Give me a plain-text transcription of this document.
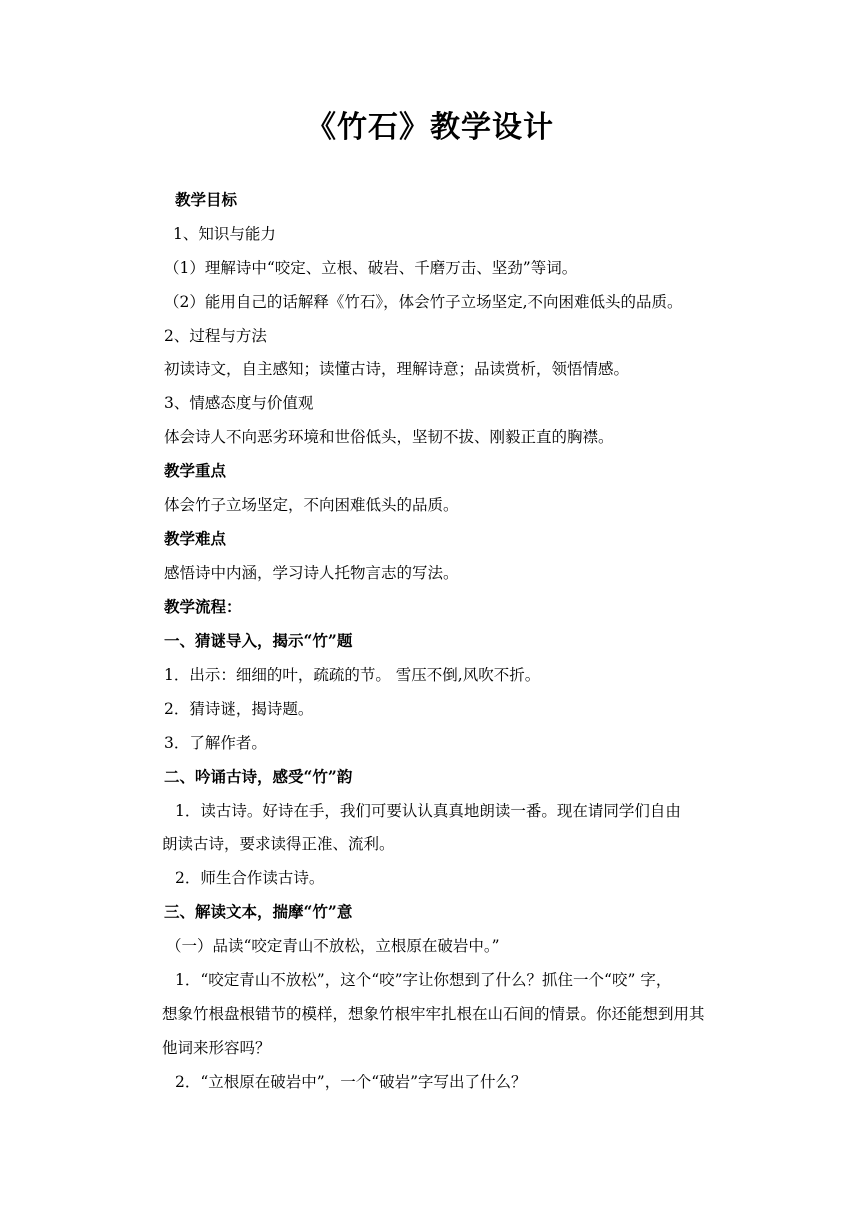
《竹石》教学设计
教学目标
1、知识与能力
（1）理解诗中“咬定、立根、破岩、千磨万击、坚劲”等词。
（2）能用自己的话解释《竹石》，体会竹子立场坚定,不向困难低头的品质。
2、过程与方法
初读诗文，自主感知；读懂古诗，理解诗意；品读赏析，领悟情感。
3、情感态度与价值观
体会诗人不向恶劣环境和世俗低头，坚韧不拔、刚毅正直的胸襟。
教学重点
体会竹子立场坚定，不向困难低头的品质。
教学难点
感悟诗中内涵，学习诗人托物言志的写法。
教学流程：
一、猜谜导入，揭示“竹”题
1．出示：细细的叶，疏疏的节。 雪压不倒,风吹不折。
2．猜诗谜，揭诗题。
3．了解作者。
二、吟诵古诗，感受“竹”韵
1．读古诗。好诗在手，我们可要认认真真地朗读一番。现在请同学们自由
朗读古诗，要求读得正准、流利。
2．师生合作读古诗。
三、解读文本，揣摩“竹”意
（一）品读“咬定青山不放松，立根原在破岩中。”
1．“咬定青山不放松”，这个“咬”字让你想到了什么？抓住一个“咬” 字，
想象竹根盘根错节的模样，想象竹根牢牢扎根在山石间的情景。你还能想到用其
他词来形容吗？
2．“立根原在破岩中”，一个“破岩”字写出了什么？
